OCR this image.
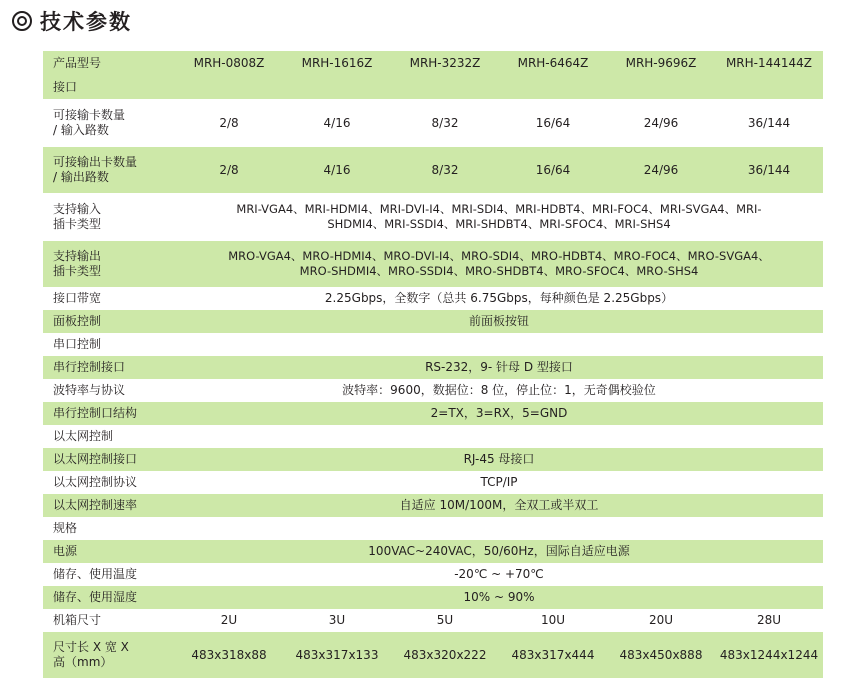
技术参数
产品型号	MRH-0808Z	MRH-1616Z	MRH-3232Z	MRH-6464Z	MRH-9696Z	MRH-144144Z
接口						
可接输卡数量
/ 输入路数	2/8	4/16	8/32	16/64	24/96	36/144
可接输出卡数量
/ 输出路数	2/8	4/16	8/32	16/64	24/96	36/144
支持输入
插卡类型	MRI-VGA4、MRI-HDMI4、MRI-DVI-I4、MRI-SDI4、MRI-HDBT4、MRI-FOC4、MRI-SVGA4、MRI-
SHDMI4、MRI-SSDI4、MRI-SHDBT4、MRI-SFOC4、MRI-SHS4					
支持输出
插卡类型	MRO-VGA4、MRO-HDMI4、MRO-DVI-I4、MRO-SDI4、MRO-HDBT4、MRO-FOC4、MRO-SVGA4、
MRO-SHDMI4、MRO-SSDI4、MRO-SHDBT4、MRO-SFOC4、MRO-SHS4					
接口带宽	2.25Gbps，全数字（总共 6.75Gbps，每种颜色是 2.25Gbps）					
面板控制	前面板按钮					
串口控制						
串行控制接口	RS-232，9- 针母 D 型接口					
波特率与协议	波特率：9600，数据位：8 位，停止位：1，无奇偶校验位					
串行控制口结构	2=TX，3=RX，5=GND					
以太网控制						
以太网控制接口	RJ-45 母接口					
以太网控制协议	TCP/IP					
以太网控制速率	自适应 10M/100M，全双工或半双工					
规格						
电源	100VAC~240VAC，50/60Hz，国际自适应电源					
储存、使用温度	-20℃ ~ +70℃					
储存、使用湿度	10% ~ 90%					
机箱尺寸	2U	3U	5U	10U	20U	28U
尺寸长 X 宽 X
高（mm）	483x318x88	483x317x133	483x320x222	483x317x444	483x450x888	483x1244x1244
